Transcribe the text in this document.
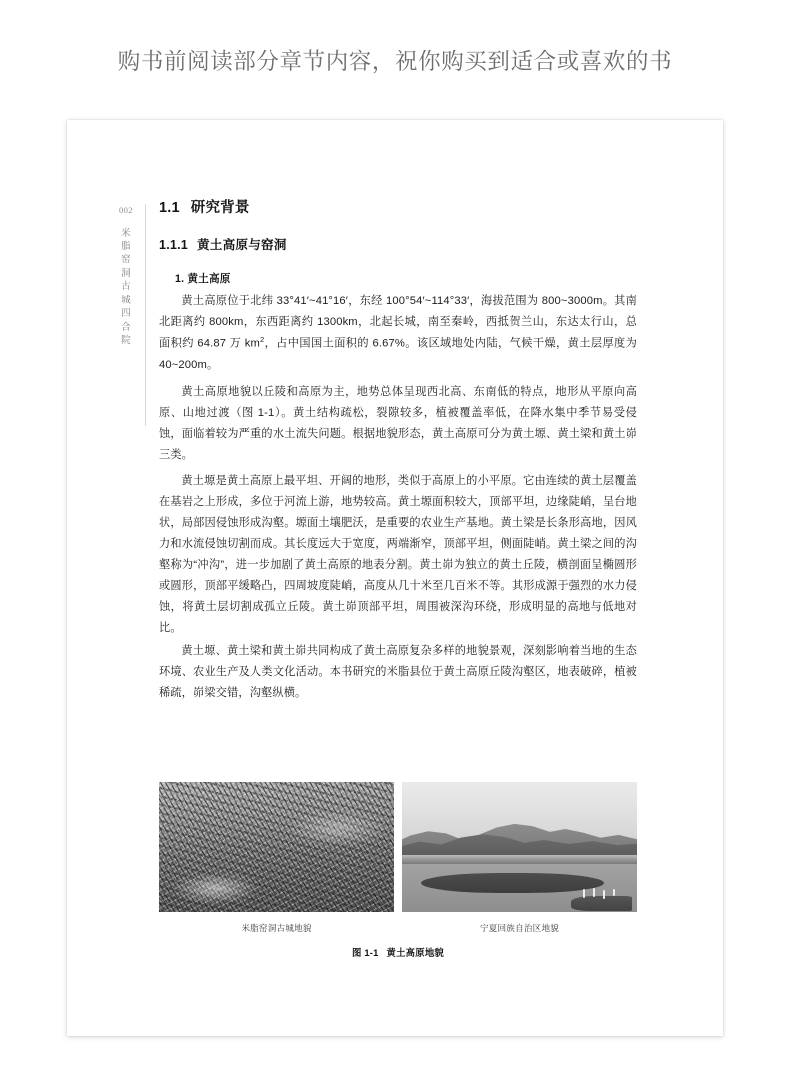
购书前阅读部分章节内容，祝你购买到适合或喜欢的书
002
米
脂
窑
洞
古
城
四
合
院
1.1 研究背景
1.1.1 黄土高原与窑洞
1. 黄土高原

黄土高原位于北纬 33°41′~41°16′，东经 100°54′~114°33′，海拔范围为 800~3000m。其南北距离约 800km，东西距离约 1300km，北起长城，南至秦岭，西抵贺兰山，东达太行山，总面积约 64.87 万 $km^2$，占中国国土面积的 6.67%。该区域地处内陆，气候干燥，黄土层厚度为 40~200m。

黄土高原地貌以丘陵和高原为主，地势总体呈现西北高、东南低的特点，地形从平原向高原、山地过渡（图 1-1）。黄土结构疏松，裂隙较多，植被覆盖率低，在降水集中季节易受侵蚀，面临着较为严重的水土流失问题。根据地貌形态，黄土高原可分为黄土塬、黄土梁和黄土峁三类。

黄土塬是黄土高原上最平坦、开阔的地形，类似于高原上的小平原。它由连续的黄土层覆盖在基岩之上形成，多位于河流上游，地势较高。黄土塬面积较大，顶部平坦，边缘陡峭，呈台地状，局部因侵蚀形成沟壑。塬面土壤肥沃，是重要的农业生产基地。黄土梁是长条形高地，因风力和水流侵蚀切割而成。其长度远大于宽度，两端渐窄，顶部平坦，侧面陡峭。黄土梁之间的沟壑称为“冲沟”，进一步加剧了黄土高原的地表分割。黄土峁为独立的黄土丘陵，横剖面呈椭圆形或圆形，顶部平缓略凸，四周坡度陡峭，高度从几十米至几百米不等。其形成源于强烈的水力侵蚀，将黄土层切割成孤立丘陵。黄土峁顶部平坦，周围被深沟环绕，形成明显的高地与低地对比。

黄土塬、黄土梁和黄土峁共同构成了黄土高原复杂多样的地貌景观，深刻影响着当地的生态环境、农业生产及人类文化活动。本书研究的米脂县位于黄土高原丘陵沟壑区，地表破碎，植被稀疏，峁梁交错，沟壑纵横。

米脂窑洞古城地貌	宁夏回族自治区地貌
图 1-1 黄土高原地貌
